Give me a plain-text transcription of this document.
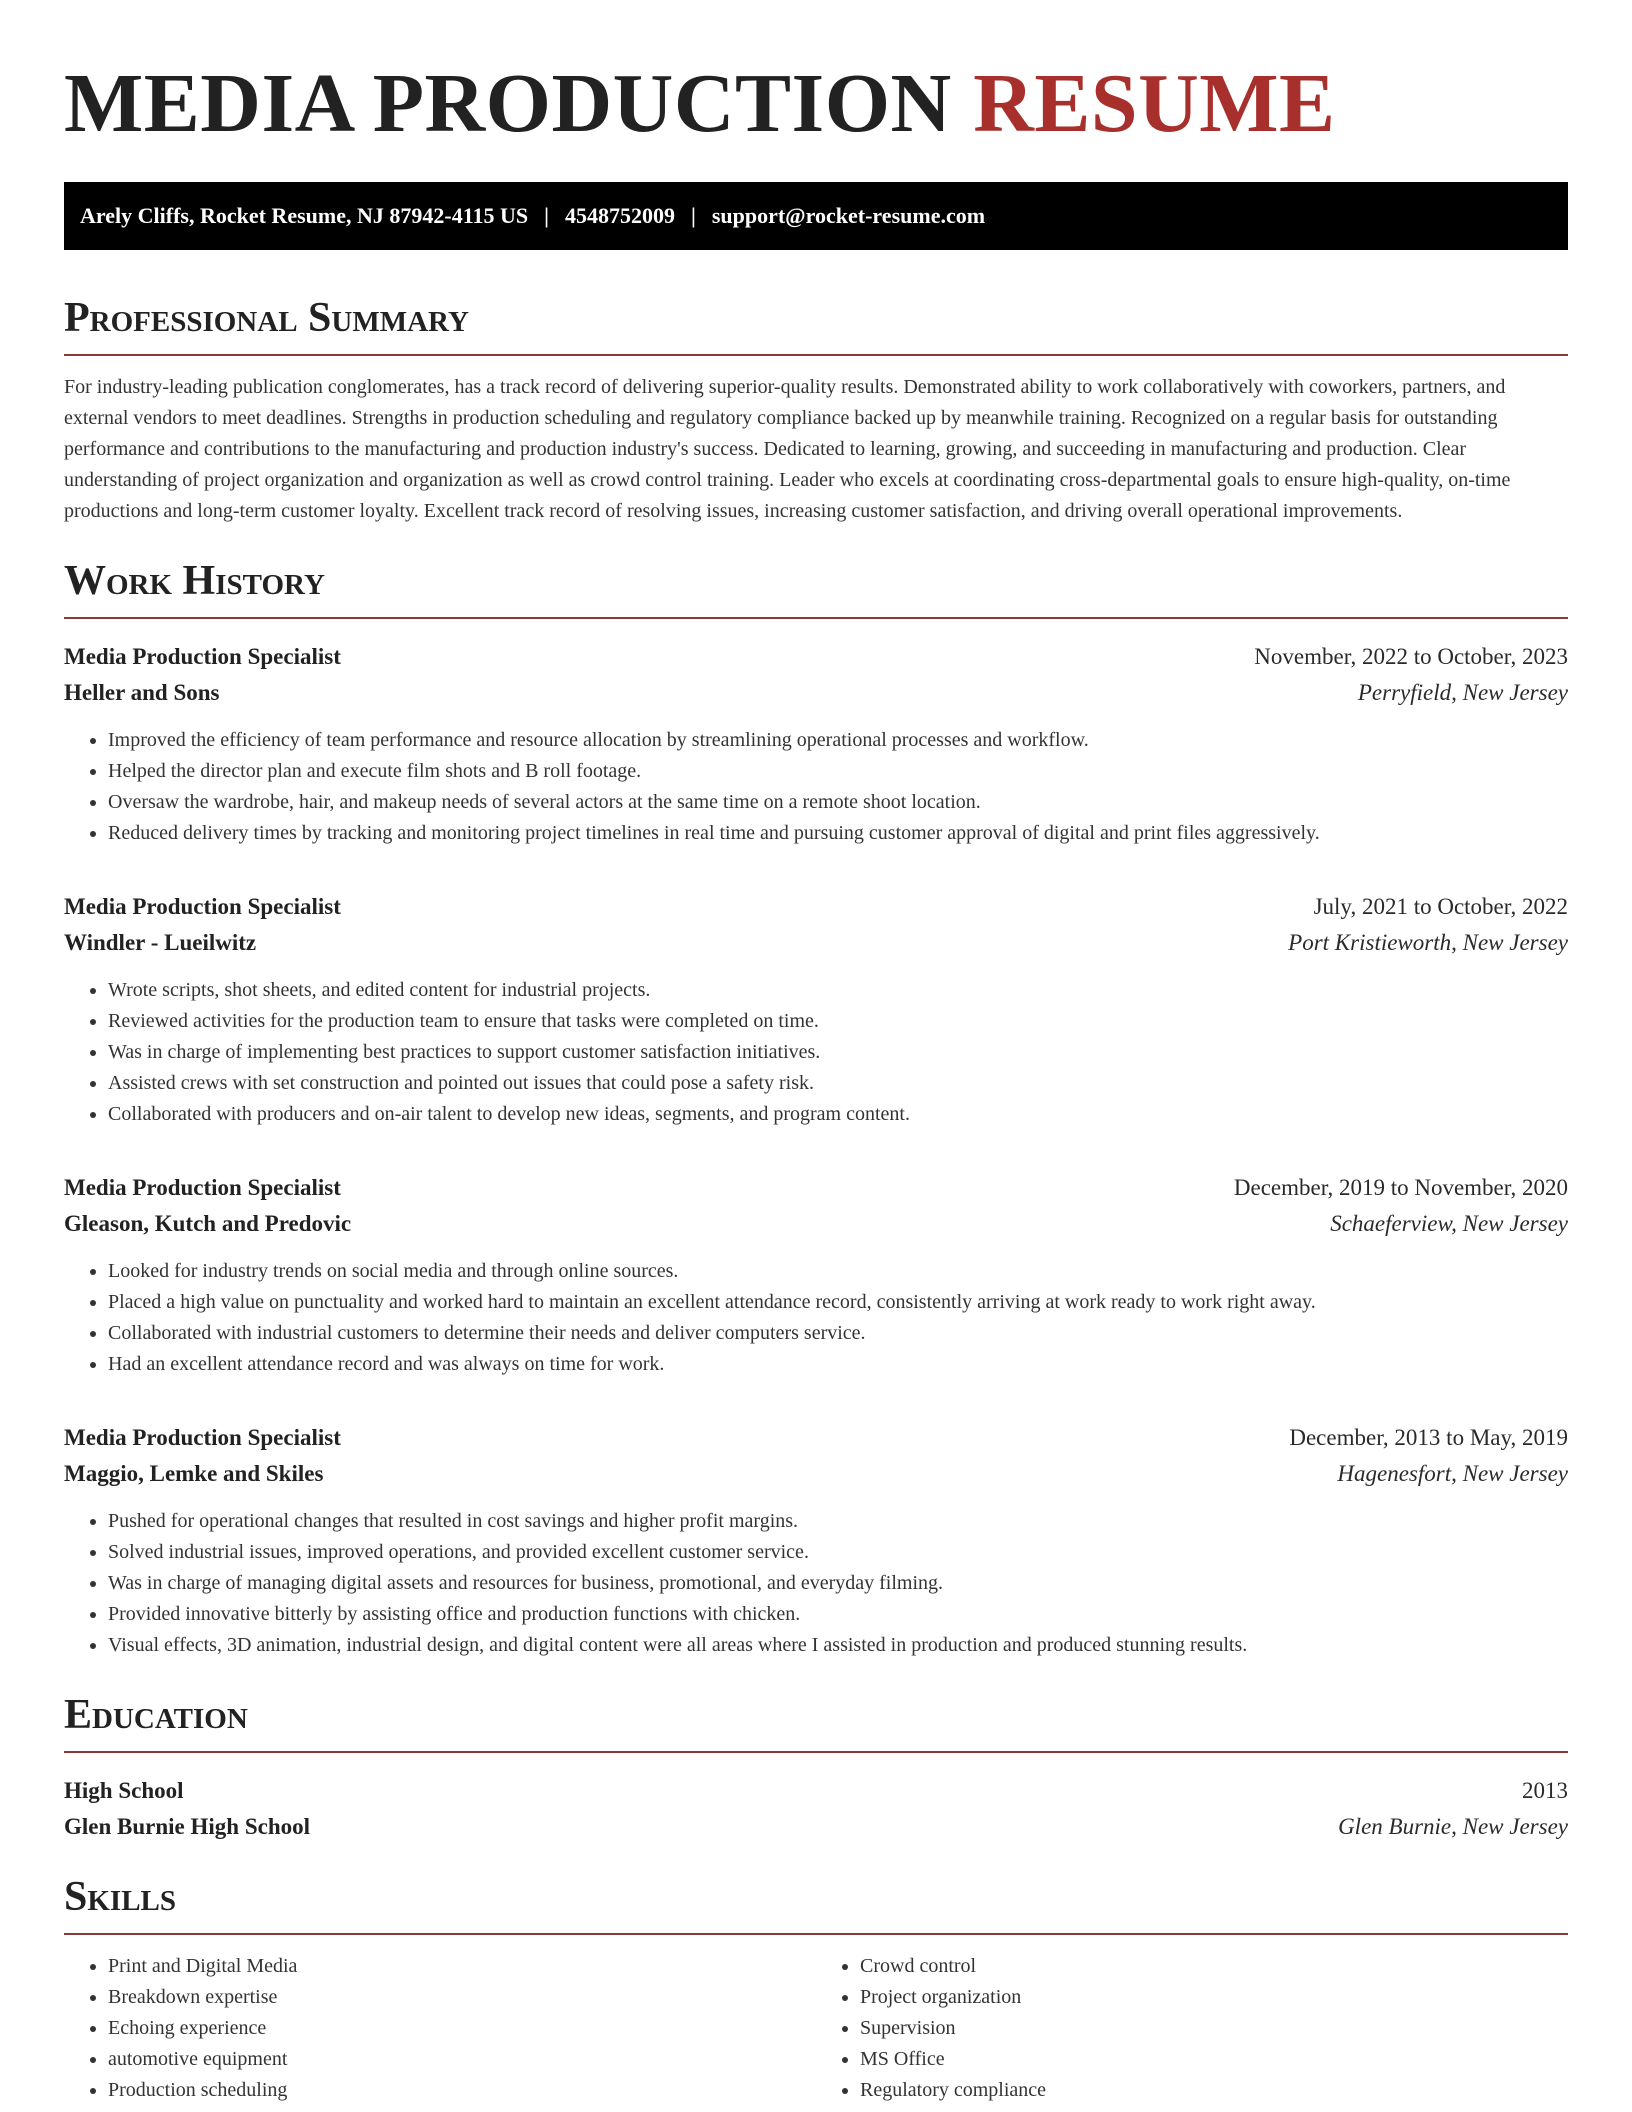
MEDIA PRODUCTION RESUME
Arely Cliffs, Rocket Resume, NJ 87942-4115 US | 4548752009 | support@rocket-resume.com
Professional Summary
For industry-leading publication conglomerates, has a track record of delivering superior-quality results. Demonstrated ability to work collaboratively with coworkers, partners, and external vendors to meet deadlines. Strengths in production scheduling and regulatory compliance backed up by meanwhile training. Recognized on a regular basis for outstanding performance and contributions to the manufacturing and production industry's success. Dedicated to learning, growing, and succeeding in manufacturing and production. Clear understanding of project organization and organization as well as crowd control training. Leader who excels at coordinating cross-departmental goals to ensure high-quality, on-time productions and long-term customer loyalty. Excellent track record of resolving issues, increasing customer satisfaction, and driving overall operational improvements.
Work History
Media Production Specialist	November, 2022 to October, 2023
Heller and Sons	Perryfield, New Jersey
• Improved the efficiency of team performance and resource allocation by streamlining operational processes and workflow.
• Helped the director plan and execute film shots and B roll footage.
• Oversaw the wardrobe, hair, and makeup needs of several actors at the same time on a remote shoot location.
• Reduced delivery times by tracking and monitoring project timelines in real time and pursuing customer approval of digital and print files aggressively.
Media Production Specialist	July, 2021 to October, 2022
Windler - Lueilwitz	Port Kristieworth, New Jersey
• Wrote scripts, shot sheets, and edited content for industrial projects.
• Reviewed activities for the production team to ensure that tasks were completed on time.
• Was in charge of implementing best practices to support customer satisfaction initiatives.
• Assisted crews with set construction and pointed out issues that could pose a safety risk.
• Collaborated with producers and on-air talent to develop new ideas, segments, and program content.
Media Production Specialist	December, 2019 to November, 2020
Gleason, Kutch and Predovic	Schaeferview, New Jersey
• Looked for industry trends on social media and through online sources.
• Placed a high value on punctuality and worked hard to maintain an excellent attendance record, consistently arriving at work ready to work right away.
• Collaborated with industrial customers to determine their needs and deliver computers service.
• Had an excellent attendance record and was always on time for work.
Media Production Specialist	December, 2013 to May, 2019
Maggio, Lemke and Skiles	Hagenesfort, New Jersey
• Pushed for operational changes that resulted in cost savings and higher profit margins.
• Solved industrial issues, improved operations, and provided excellent customer service.
• Was in charge of managing digital assets and resources for business, promotional, and everyday filming.
• Provided innovative bitterly by assisting office and production functions with chicken.
• Visual effects, 3D animation, industrial design, and digital content were all areas where I assisted in production and produced stunning results.
Education
High School	2013
Glen Burnie High School	Glen Burnie, New Jersey
Skills
• Print and Digital Media
• Breakdown expertise
• Echoing experience
• automotive equipment
• Production scheduling
• Crowd control
• Project organization
• Supervision
• MS Office
• Regulatory compliance
